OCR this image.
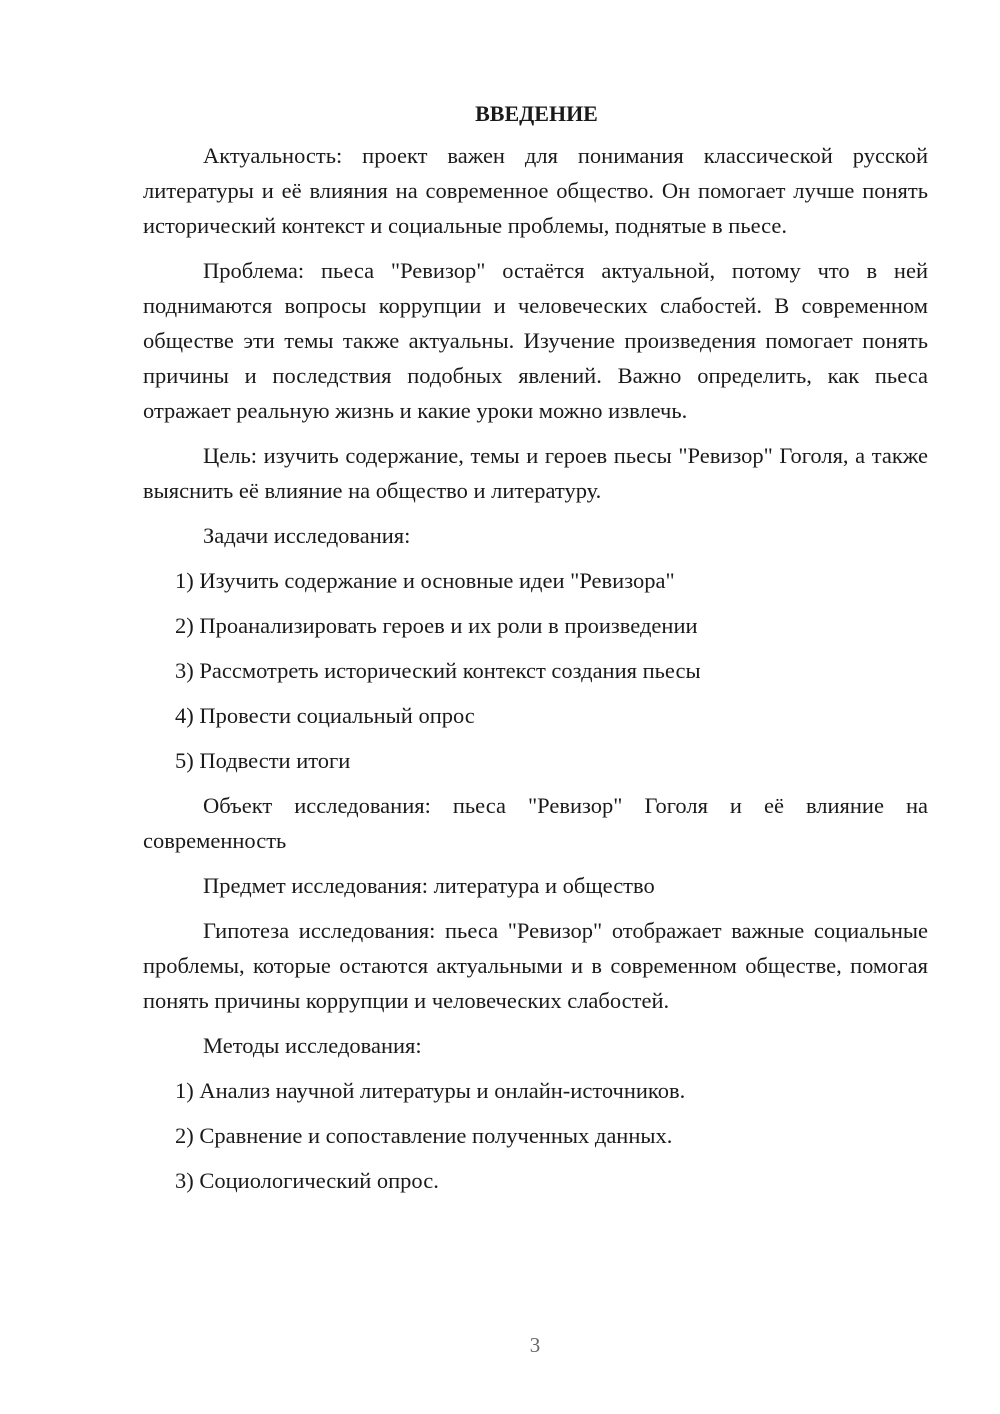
ВВЕДЕНИЕ

Актуальность: проект важен для понимания классической русской литературы и её влияния на современное общество. Он помогает лучше понять исторический контекст и социальные проблемы, поднятые в пьесе.

Проблема: пьеса "Ревизор" остаётся актуальной, потому что в ней поднимаются вопросы коррупции и человеческих слабостей. В современном обществе эти темы также актуальны. Изучение произведения помогает понять причины и последствия подобных явлений. Важно определить, как пьеса отражает реальную жизнь и какие уроки можно извлечь.

Цель: изучить содержание, темы и героев пьесы "Ревизор" Гоголя, а также выяснить её влияние на общество и литературу.

Задачи исследования:

1) Изучить содержание и основные идеи "Ревизора"
2) Проанализировать героев и их роли в произведении
3) Рассмотреть исторический контекст создания пьесы
4) Провести социальный опрос
5) Подвести итоги

Объект исследования: пьеса "Ревизор" Гоголя и её влияние на современность

Предмет исследования: литература и общество

Гипотеза исследования: пьеса "Ревизор" отображает важные социальные проблемы, которые остаются актуальными и в современном обществе, помогая понять причины коррупции и человеческих слабостей.

Методы исследования:

1) Анализ научной литературы и онлайн-источников.
2) Сравнение и сопоставление полученных данных.
3) Социологический опрос.
3
